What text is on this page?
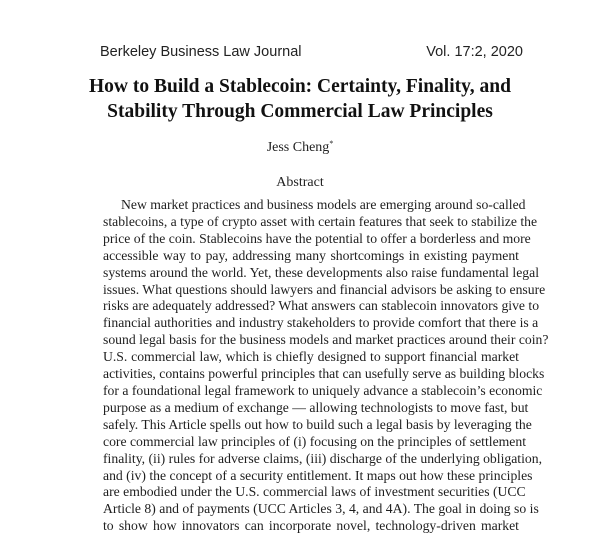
Berkeley Business Law Journal	Vol. 17:2, 2020
How to Build a Stablecoin: Certainty, Finality, and
Stability Through Commercial Law Principles
Jess Cheng*
Abstract
New market practices and business models are emerging around so-called
stablecoins, a type of crypto asset with certain features that seek to stabilize the
price of the coin. Stablecoins have the potential to offer a borderless and more
accessible way to pay, addressing many shortcomings in existing payment
systems around the world. Yet, these developments also raise fundamental legal
issues. What questions should lawyers and financial advisors be asking to ensure
risks are adequately addressed? What answers can stablecoin innovators give to
financial authorities and industry stakeholders to provide comfort that there is a
sound legal basis for the business models and market practices around their coin?
U.S. commercial law, which is chiefly designed to support financial market
activities, contains powerful principles that can usefully serve as building blocks
for a foundational legal framework to uniquely advance a stablecoin’s economic
purpose as a medium of exchange — allowing technologists to move fast, but
safely. This Article spells out how to build such a legal basis by leveraging the
core commercial law principles of (i) focusing on the principles of settlement
finality, (ii) rules for adverse claims, (iii) discharge of the underlying obligation,
and (iv) the concept of a security entitlement. It maps out how these principles
are embodied under the U.S. commercial laws of investment securities (UCC
Article 8) and of payments (UCC Articles 3, 4, and 4A). The goal in doing so is
to show how innovators can incorporate novel, technology-driven market
